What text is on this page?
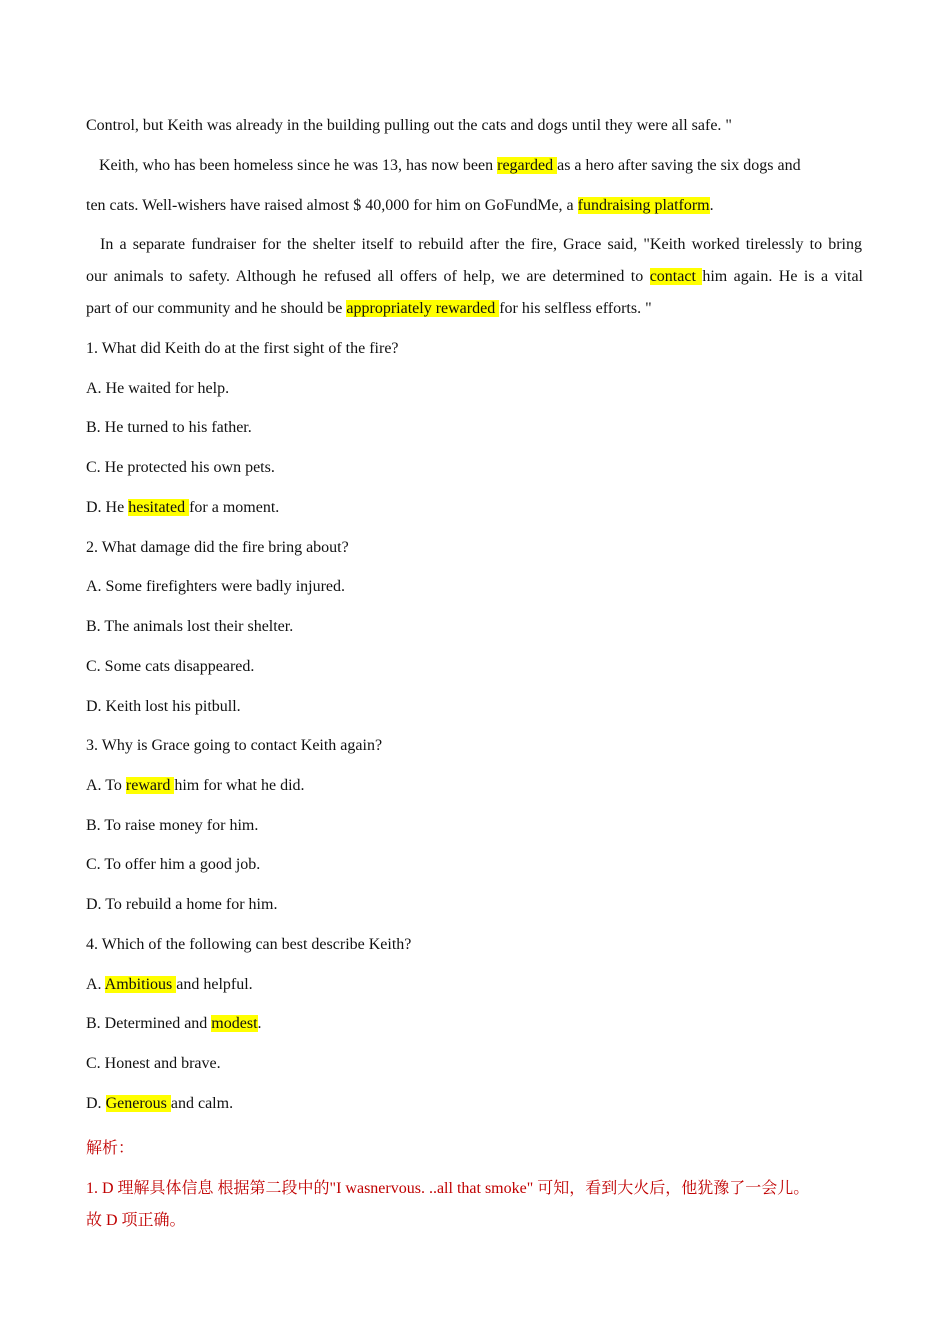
Control, but Keith was already in the building pulling out the cats and dogs until they were all safe. "
Keith, who has been homeless since he was 13, has now been regarded as a hero after saving the six dogs and
ten cats. Well-wishers have raised almost $ 40,000 for him on GoFundMe, a fundraising platform.
In a separate fundraiser for the shelter itself to rebuild after the fire, Grace said, "Keith worked tirelessly to bring
our animals to safety. Although he refused all offers of help, we are determined to contact him again. He is a vital
part of our community and he should be appropriately rewarded for his selfless efforts. "
1. What did Keith do at the first sight of the fire?
A. He waited for help.
B. He turned to his father.
C. He protected his own pets.
D. He hesitated for a moment.
2. What damage did the fire bring about?
A. Some firefighters were badly injured.
B. The animals lost their shelter.
C. Some cats disappeared.
D. Keith lost his pitbull.
3. Why is Grace going to contact Keith again?
A. To reward him for what he did.
B. To raise money for him.
C. To offer him a good job.
D. To rebuild a home for him.
4. Which of the following can best describe Keith?
A. Ambitious and helpful.
B. Determined and modest.
C. Honest and brave.
D. Generous and calm.
解析：
1. D 理解具体信息 根据第二段中的"I wasnervous. ..all that smoke" 可知，看到大火后，他犹豫了一会儿。
故 D 项正确。
